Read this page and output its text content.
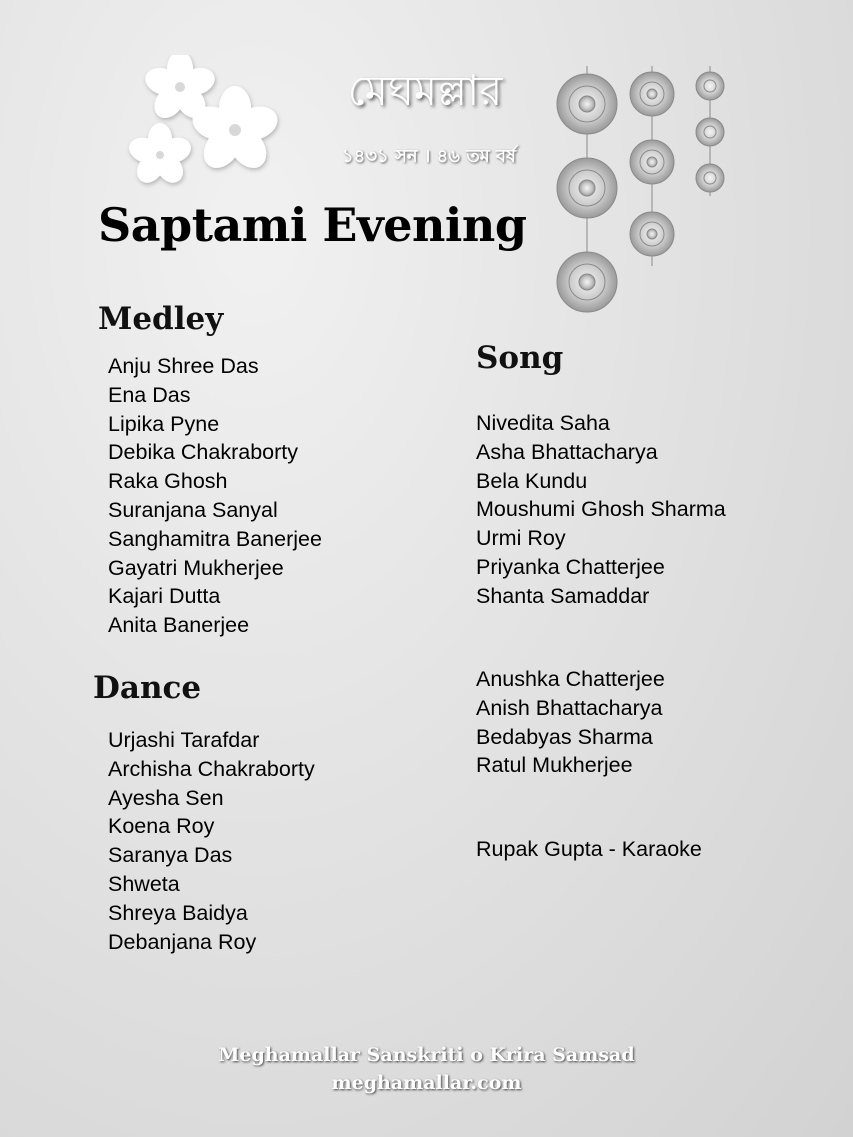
মেঘমল্লার
১৪৩১ সন । ৪৬ তম বর্ষ
Saptami Evening
Medley
Anju Shree Das
Ena Das
Lipika Pyne
Debika Chakraborty
Raka Ghosh
Suranjana Sanyal
Sanghamitra Banerjee
Gayatri Mukherjee
Kajari Dutta
Anita Banerjee
Dance
Urjashi Tarafdar
Archisha Chakraborty
Ayesha Sen
Koena Roy
Saranya Das
Shweta
Shreya Baidya
Debanjana Roy
Song
Nivedita Saha
Asha Bhattacharya
Bela Kundu
Moushumi Ghosh Sharma
Urmi Roy
Priyanka Chatterjee
Shanta Samaddar
Anushka Chatterjee
Anish Bhattacharya
Bedabyas Sharma
Ratul Mukherjee
Rupak Gupta - Karaoke
Meghamallar Sanskriti o Krira Samsad
meghamallar.com
